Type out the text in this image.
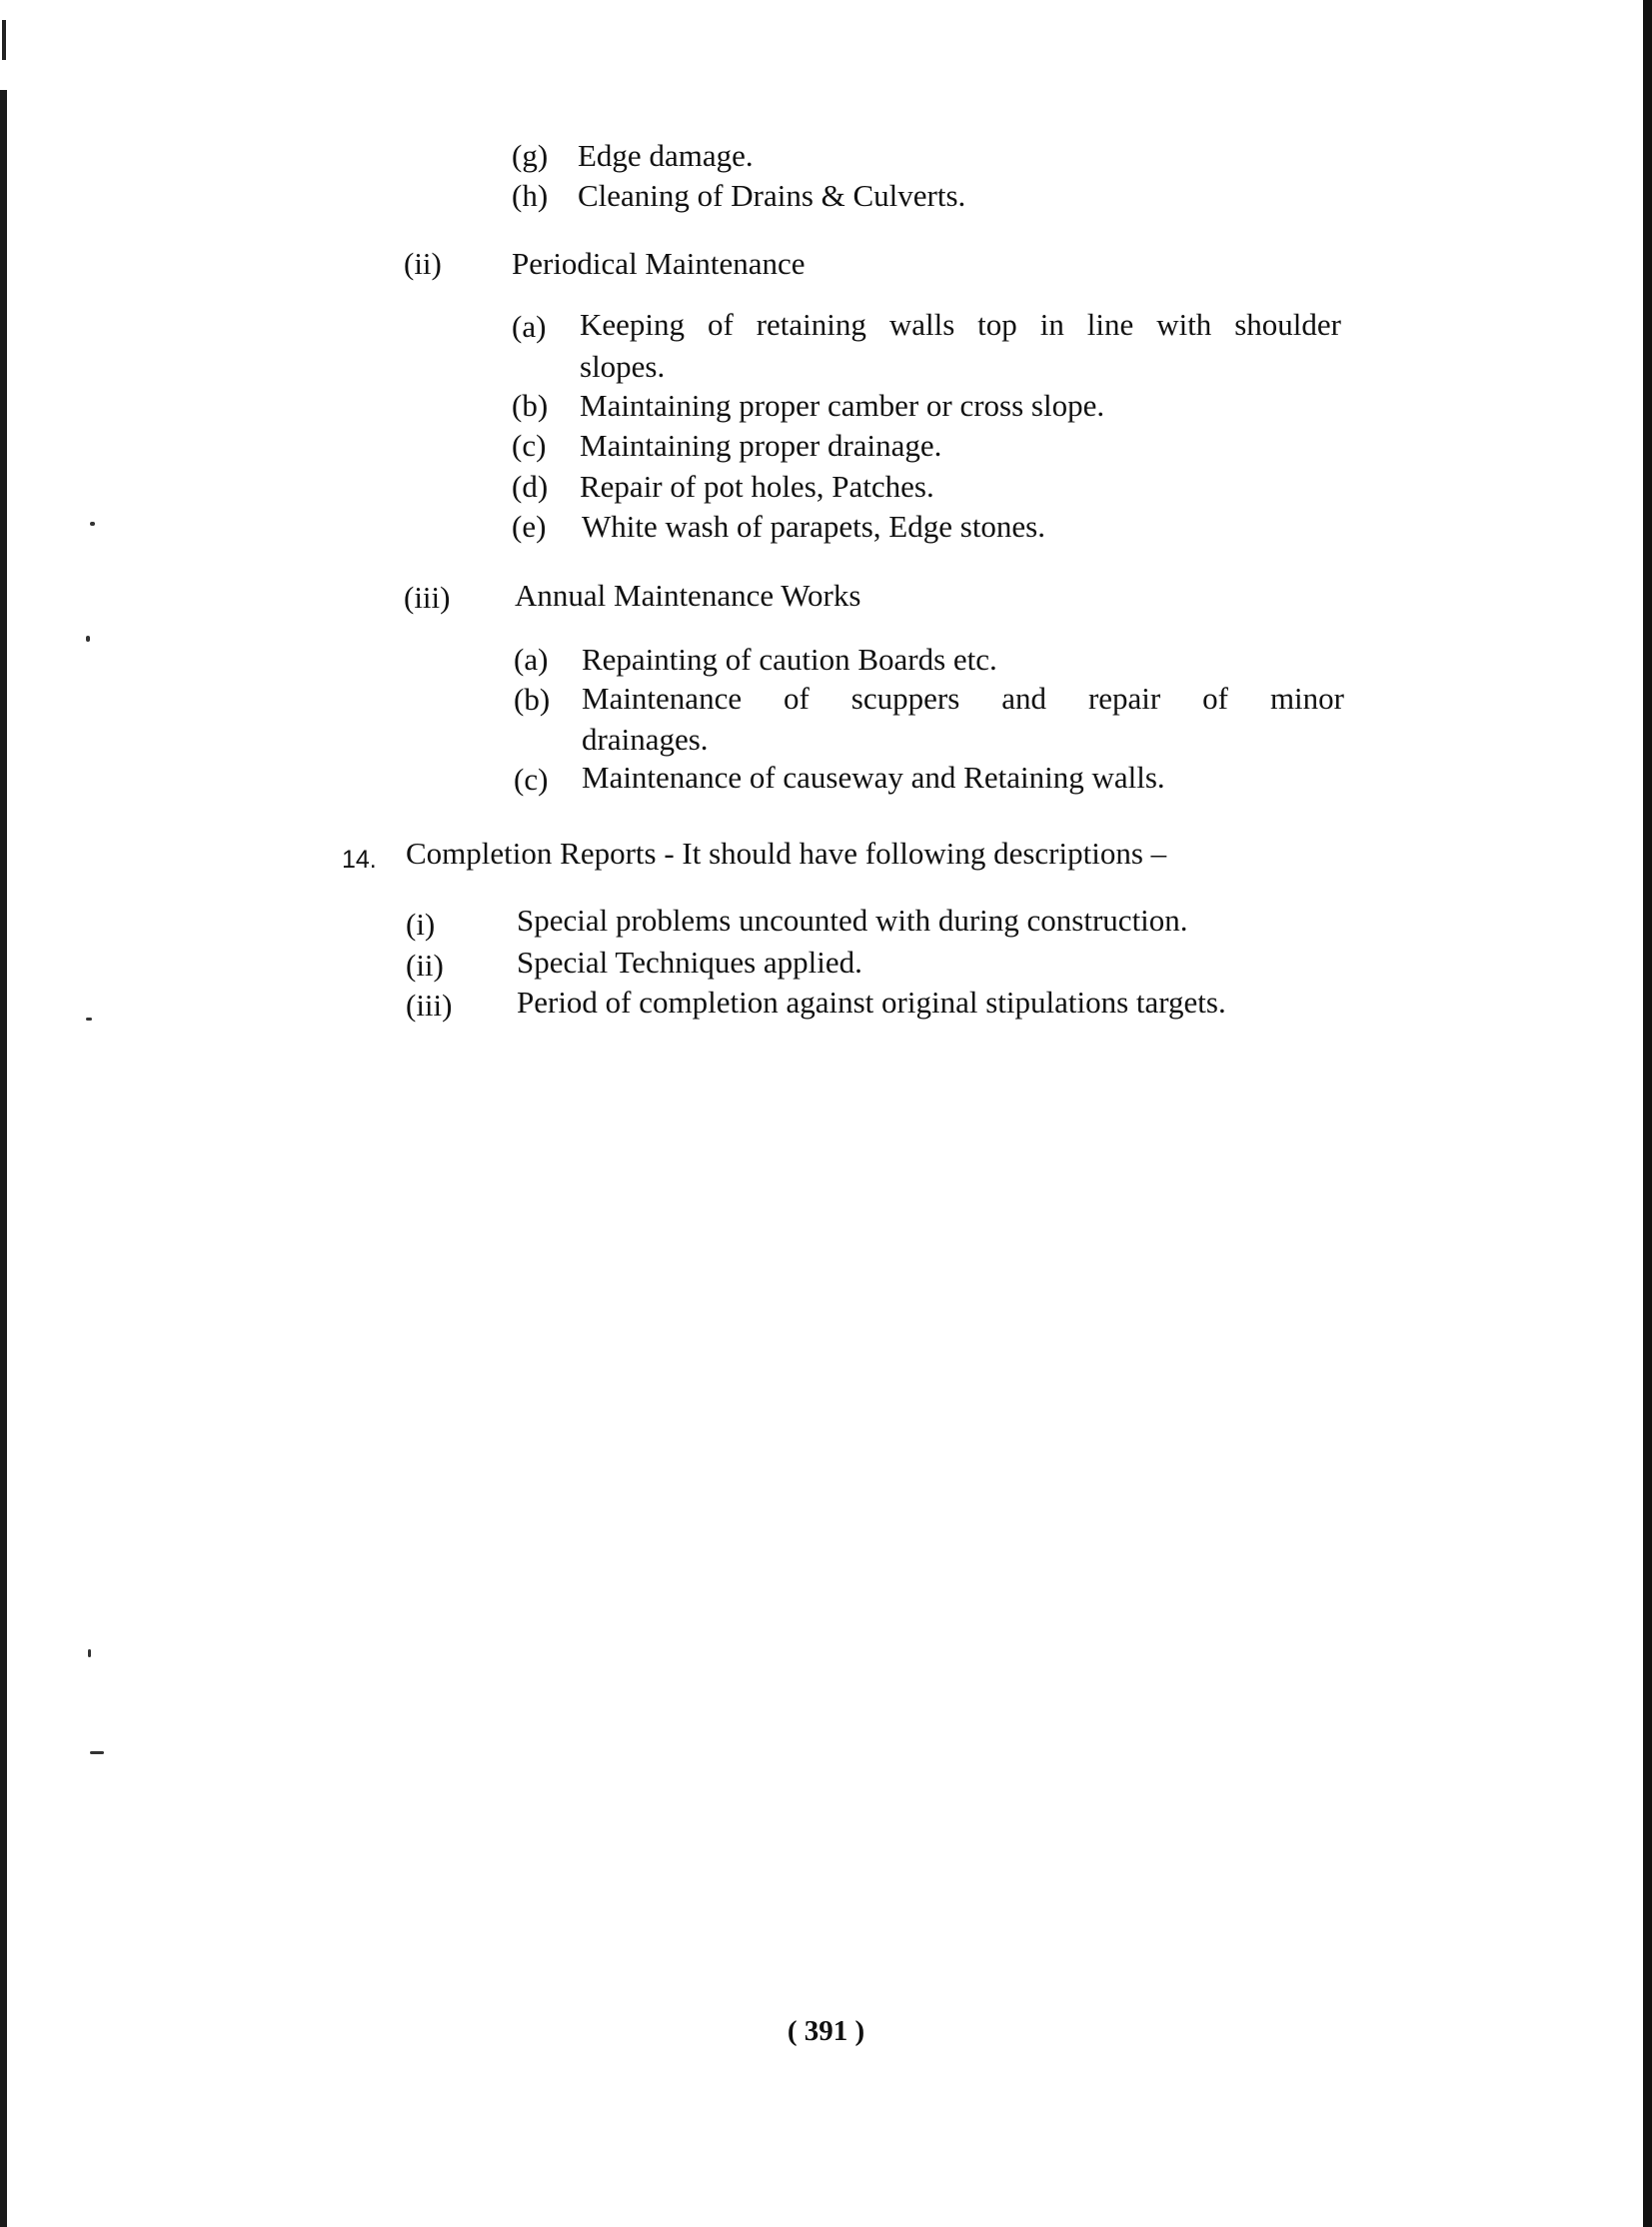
(g) Edge damage.
(h) Cleaning of Drains & Culverts.
(ii) Periodical Maintenance
(a) Keeping of retaining walls top in line with shoulder
slopes.
(b) Maintaining proper camber or cross slope.
(c) Maintaining proper drainage.
(d) Repair of pot holes, Patches.
(e) White wash of parapets, Edge stones.
(iii) Annual Maintenance Works
(a) Repainting of caution Boards etc.
(b) Maintenance of scuppers and repair of minor
drainages.
(c) Maintenance of causeway and Retaining walls.
14. Completion Reports - It should have following descriptions –
(i)	Special problems uncounted with during construction.
(ii) Special Techniques applied.
(iii) Period of completion against original stipulations targets.
( 391 )
